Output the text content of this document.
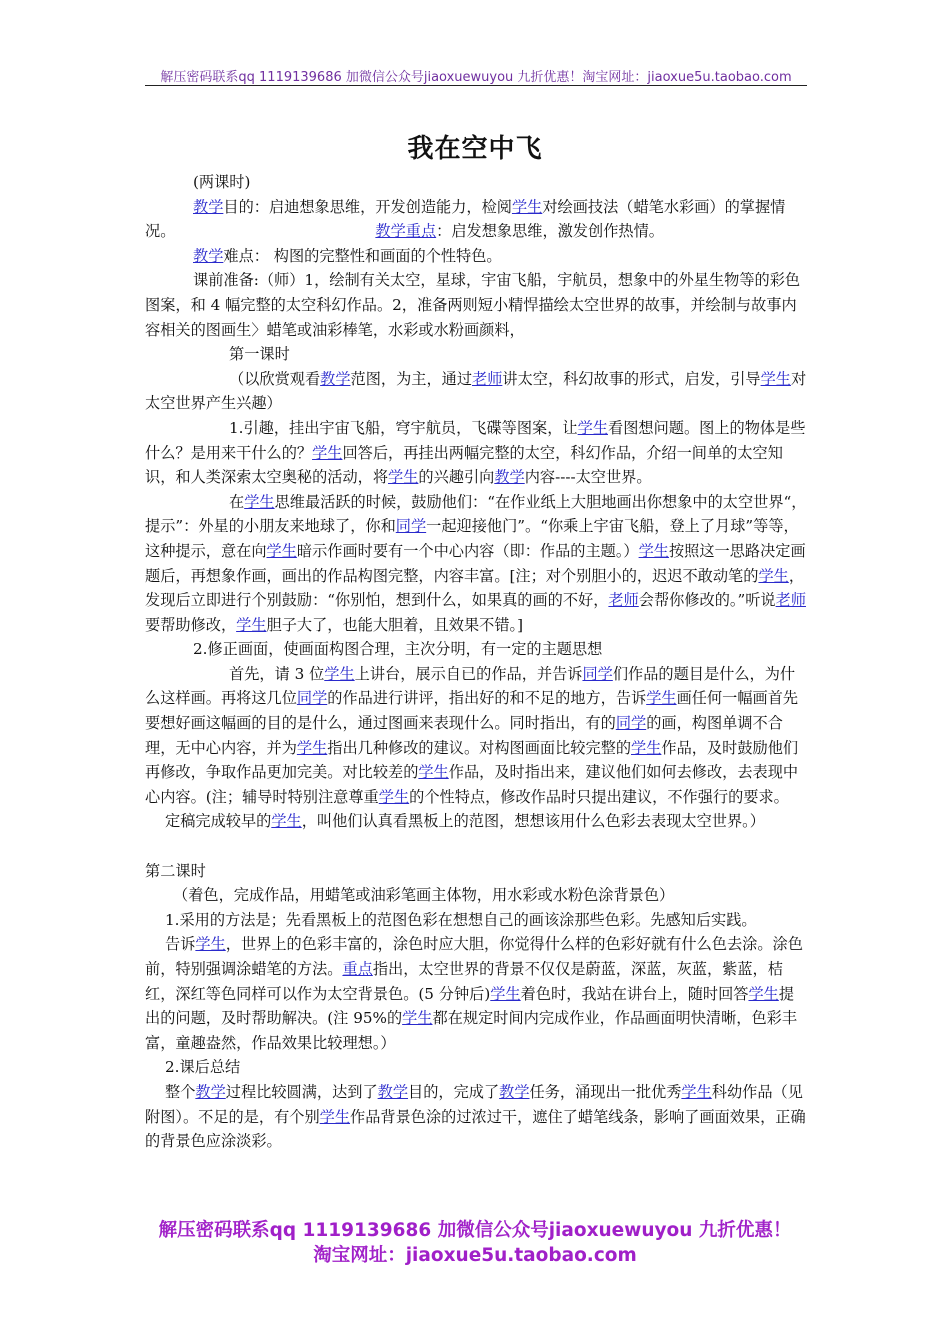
解压密码联系qq 1119139686 加微信公众号jiaoxuewuyou 九折优惠！淘宝网址：jiaoxue5u.taobao.com
我在空中飞

(两课时)

教学目的：启迪想象思维，开发创造能力，检阅学生对绘画技法（蜡笔水彩画）的掌握情况。	教学重点：启发想象思维，激发创作热情。

教学难点： 构图的完整性和画面的个性特色。

课前准备:（师）1，绘制有关太空，星球，宇宙飞船，宇航员，想象中的外星生物等的彩色图案，和 4 幅完整的太空科幻作品。2，准备两则短小精悍描绘太空世界的故事，并绘制与故事内容相关的图画生〉蜡笔或油彩棒笔，水彩或水粉画颜料，

第一课时

（以欣赏观看教学范图，为主，通过老师讲太空，科幻故事的形式，启发，引导学生对太空世界产生兴趣）

1.引趣，挂出宇宙飞船，穹宇航员，飞碟等图案，让学生看图想问题。图上的物体是些什么？是用来干什么的？学生回答后，再挂出两幅完整的太空，科幻作品，介绍一间单的太空知识，和人类深索太空奥秘的活动，将学生的兴趣引向教学内容----太空世界。

在学生思维最活跃的时候，鼓励他们：“在作业纸上大胆地画出你想象中的太空世界“，提示”：外星的小朋友来地球了，你和同学一起迎接他门”。“你乘上宇宙飞船，登上了月球”等等，这种提示，意在向学生暗示作画时要有一个中心内容（即：作品的主题。）学生按照这一思路决定画题后，再想象作画，画出的作品构图完整，内容丰富。[注；对个别胆小的，迟迟不敢动笔的学生，发现后立即进行个别鼓励：“你别怕，想到什么，如果真的画的不好，老师会帮你修改的。”听说老师要帮助修改，学生胆子大了，也能大胆着，且效果不错。]

2.修正画面，使画面构图合理，主次分明，有一定的主题思想

首先，请 3 位学生上讲台，展示自已的作品，并告诉同学们作品的题目是什么，为什么这样画。再将这几位同学的作品进行讲评，指出好的和不足的地方，告诉学生画任何一幅画首先要想好画这幅画的目的是什么，通过图画来表现什么。同时指出，有的同学的画，构图单调不合理，无中心内容，并为学生指出几种修改的建议。对构图画面比较完整的学生作品，及时鼓励他们再修改，争取作品更加完美。对比较差的学生作品，及时指出来，建议他们如何去修改，去表现中心内容。(注；辅导时特别注意尊重学生的个性特点，修改作品时只提出建议，不作强行的要求。

定稿完成较早的学生，叫他们认真看黑板上的范图，想想该用什么色彩去表现太空世界。）

第二课时

（着色，完成作品，用蜡笔或油彩笔画主体物，用水彩或水粉色涂背景色）

1.采用的方法是；先看黑板上的范图色彩在想想自己的画该涂那些色彩。先感知后实践。

告诉学生，世界上的色彩丰富的，涂色时应大胆，你觉得什么样的色彩好就有什么色去涂。涂色前，特别强调涂蜡笔的方法。重点指出，太空世界的背景不仅仅是蔚蓝，深蓝，灰蓝，紫蓝，桔红，深红等色同样可以作为太空背景色。(5 分钟后)学生着色时，我站在讲台上，随时回答学生提出的问题，及时帮助解决。(注 95%的学生都在规定时间内完成作业，作品画面明快清晰，色彩丰富，童趣盎然，作品效果比较理想。）

2.课后总结

整个教学过程比较圆满，达到了教学目的，完成了教学任务，涌现出一批优秀学生科幼作品（见附图）。不足的是，有个别学生作品背景色涂的过浓过干，遮住了蜡笔线条，影响了画面效果，正确的背景色应涂淡彩。

解压密码联系qq 1119139686 加微信公众号jiaoxuewuyou 九折优惠！
淘宝网址：jiaoxue5u.taobao.com
